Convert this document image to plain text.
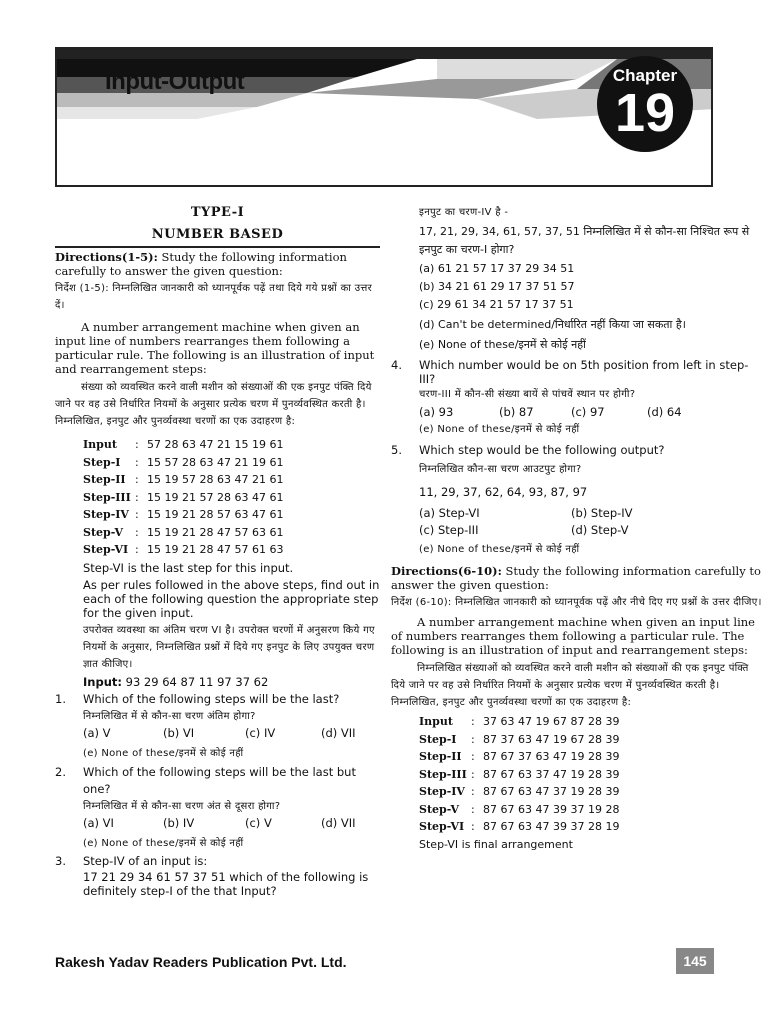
Input-Output	Chapter
19

TYPE-I

NUMBER BASED

Directions(1-5): Study the following information carefully to answer the given question:

निर्देश (1-5): निम्नलिखित जानकारी को ध्यानपूर्वक पढ़ें तथा दिये गये प्रश्नों का उत्तर दें।

A number arrangement machine when given an input line of numbers rearranges them following a particular rule. The following is an illustration of input and rearrangement steps:

संख्या को व्यवस्थित करने वाली मशीन को संख्याओं की एक इनपुट पंक्ति दिये जाने पर वह उसे निर्धारित नियमों के अनुसार प्रत्येक चरण में पुनर्व्यवस्थित करती है। निम्नलिखित, इनपुट और पुनर्व्यवस्था चरणों का एक उदाहरण है:

Input : 57 28 63 47 21 15 19 61
Step-I : 15 57 28 63 47 21 19 61
Step-II : 15 19 57 28 63 47 21 61
Step-III : 15 19 21 57 28 63 47 61
Step-IV : 15 19 21 28 57 63 47 61
Step-V : 15 19 21 28 47 57 63 61
Step-VI : 15 19 21 28 47 57 61 63

Step-VI is the last step for this input.

As per rules followed in the above steps, find out in each of the following question the appropriate step for the given input.

उपरोक्त व्यवस्था का अंतिम चरण VI है। उपरोक्त चरणों में अनुसरण किये गए नियमों के अनुसार, निम्नलिखित प्रश्नों में दिये गए इनपुट के लिए उपयुक्त चरण ज्ञात कीजिए।

Input: 93 29 64 87 11 97 37 62

1. Which of the following steps will be the last?
निम्नलिखित में से कौन-सा चरण अंतिम होगा?
(a) V	(b) VI	(c) IV	(d) VII
(e) None of these/इनमें से कोई नहीं
2. Which of the following steps will be the last but one?
निम्नलिखित में से कौन-सा चरण अंत से दूसरा होगा?
(a) VI	(b) IV	(c) V	(d) VII
(e) None of these/इनमें से कोई नहीं
3. Step-IV of an input is:
17 21 29 34 61 57 37 51 which of the following is definitely step-I of the that Input?
इनपुट का चरण-IV है -
17, 21, 29, 34, 61, 57, 37, 51 निम्नलिखित में से कौन-सा निश्चित रूप से इनपुट का चरण-I होगा?
(a) 61 21 57 17 37 29 34 51
(b) 34 21 61 29 17 37 51 57
(c) 29 61 34 21 57 17 37 51
(d) Can't be determined/निर्धारित नहीं किया जा सकता है।
(e) None of these/इनमें से कोई नहीं
4. Which number would be on 5th position from left in step-III?
चरण-III में कौन-सी संख्या बायें से पांचवें स्थान पर होगी?
(a) 93	(b) 87	(c) 97	(d) 64
(e) None of these/इनमें से कोई नहीं
5. Which step would be the following output?
निम्नलिखित कौन-सा चरण आउटपुट होगा?
11, 29, 37, 62, 64, 93, 87, 97
(a) Step-VI	(b) Step-IV
(c) Step-III	(d) Step-V
(e) None of these/इनमें से कोई नहीं

Directions(6-10): Study the following information carefully to answer the given question:

निर्देश (6-10): निम्नलिखित जानकारी को ध्यानपूर्वक पढ़ें और नीचे दिए गए प्रश्नों के उत्तर दीजिए।

A number arrangement machine when given an input line of numbers rearranges them following a particular rule. The following is an illustration of input and rearrangement steps:

निम्नलिखित संख्याओं को व्यवस्थित करने वाली मशीन को संख्याओं की एक इनपुट पंक्ति दिये जाने पर वह उसे निर्धारित नियमों के अनुसार प्रत्येक चरण में पुनर्व्यवस्थित करती है। निम्नलिखित, इनपुट और पुनर्व्यवस्था चरणों का एक उदाहरण है:

Input : 37 63 47 19 67 87 28 39
Step-I : 87 37 63 47 19 67 28 39
Step-II : 87 67 37 63 47 19 28 39
Step-III : 87 67 63 37 47 19 28 39
Step-IV : 87 67 63 47 37 19 28 39
Step-V : 87 67 63 47 39 37 19 28
Step-VI : 87 67 63 47 39 37 28 19
Step-VI is final arrangement
Rakesh Yadav Readers Publication Pvt. Ltd.	145
